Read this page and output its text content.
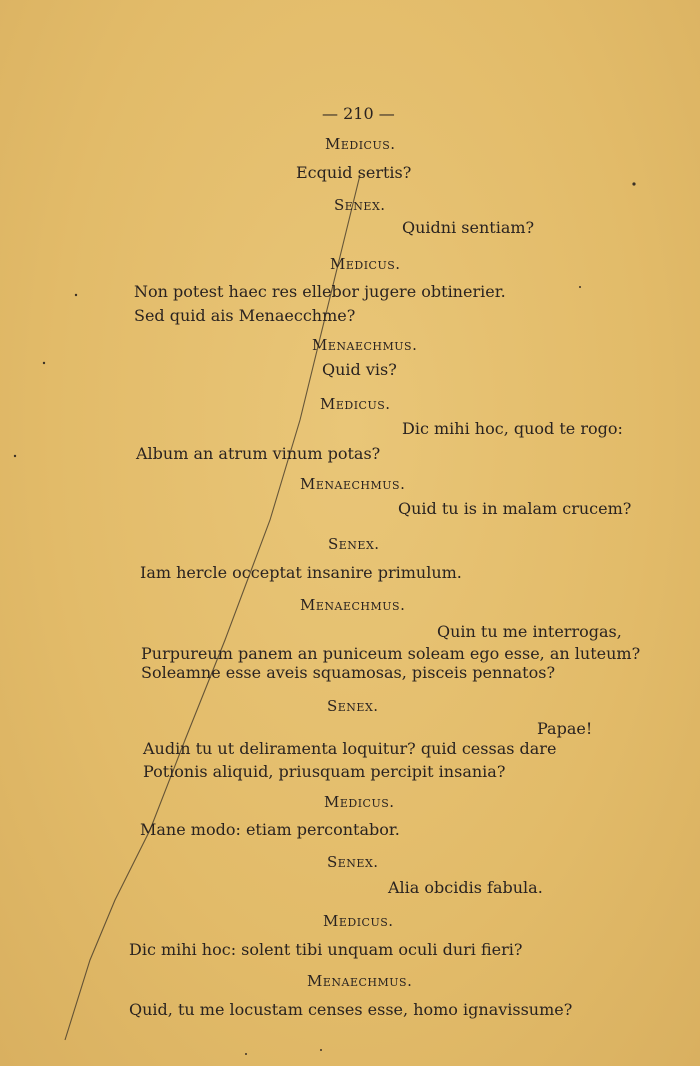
— 210 —
Medicus.
Ecquid sertis?
Senex.
Quidni sentiam?
Medicus.
Non potest haec res ellebor jugere obtinerier.
Sed quid ais Menaecchme?
Menaechmus.
Quid vis?
Medicus.
Dic mihi hoc, quod te rogo:
Album an atrum vinum potas?
Menaechmus.
Quid tu is in malam crucem?
Senex.
Iam hercle occeptat insanire primulum.
Menaechmus.
Quin tu me interrogas,
Purpureum panem an puniceum soleam ego esse, an luteum?
Soleamne esse aveis squamosas, pisceis pennatos?
Senex.
Papae!
Audin tu ut deliramenta loquitur? quid cessas dare
Potionis aliquid, priusquam percipit insania?
Medicus.
Mane modo: etiam percontabor.
Senex.
Alia obcidis fabula.
Medicus.
Dic mihi hoc: solent tibi unquam oculi duri fieri?
Menaechmus.
Quid, tu me locustam censes esse, homo ignavissume?
